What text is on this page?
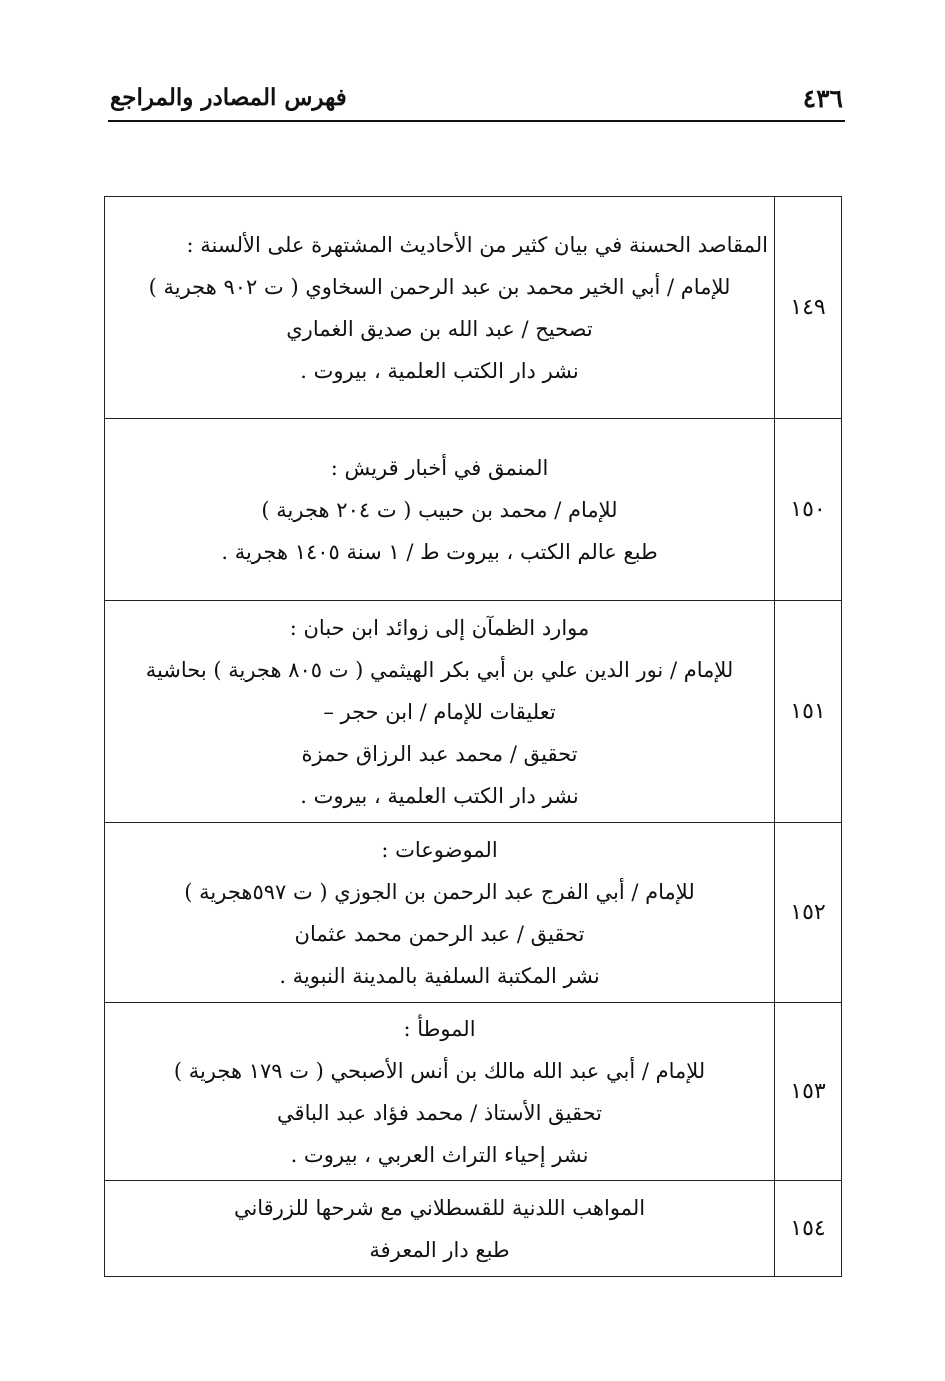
٤٣٦
فهرس المصادر والمراجع
١٤٩	المقاصد الحسنة في بيان كثير من الأحاديث المشتهرة على الألسنة :
للإمام / أبي الخير محمد بن عبد الرحمن السخاوي ( ت ٩٠٢ هجرية )
تصحيح / عبد الله بن صديق الغماري
نشر دار الكتب العلمية ، بيروت .

١٥٠	المنمق في أخبار قريش :
للإمام / محمد بن حبيب ( ت ٢٠٤ هجرية )
طبع عالم الكتب ، بيروت ط / ١ سنة ١٤٠٥ هجرية .

١٥١	موارد الظمآن إلى زوائد ابن حبان :
للإمام / نور الدين علي بن أبي بكر الهيثمي ( ت ٨٠٥ هجرية ) بحاشية
تعليقات للإمام / ابن حجر –
تحقيق / محمد عبد الرزاق حمزة
نشر دار الكتب العلمية ، بيروت .

١٥٢	الموضوعات :
للإمام / أبي الفرج عبد الرحمن بن الجوزي ( ت ٥٩٧هجرية )
تحقيق / عبد الرحمن محمد عثمان
نشر المكتبة السلفية بالمدينة النبوية .

١٥٣	الموطأ :
للإمام / أبي عبد الله مالك بن أنس الأصبحي ( ت ١٧٩ هجرية )
تحقيق الأستاذ / محمد فؤاد عبد الباقي
نشر إحياء التراث العربي ، بيروت .

١٥٤	المواهب اللدنية للقسطلاني مع شرحها للزرقاني
طبع دار المعرفة
